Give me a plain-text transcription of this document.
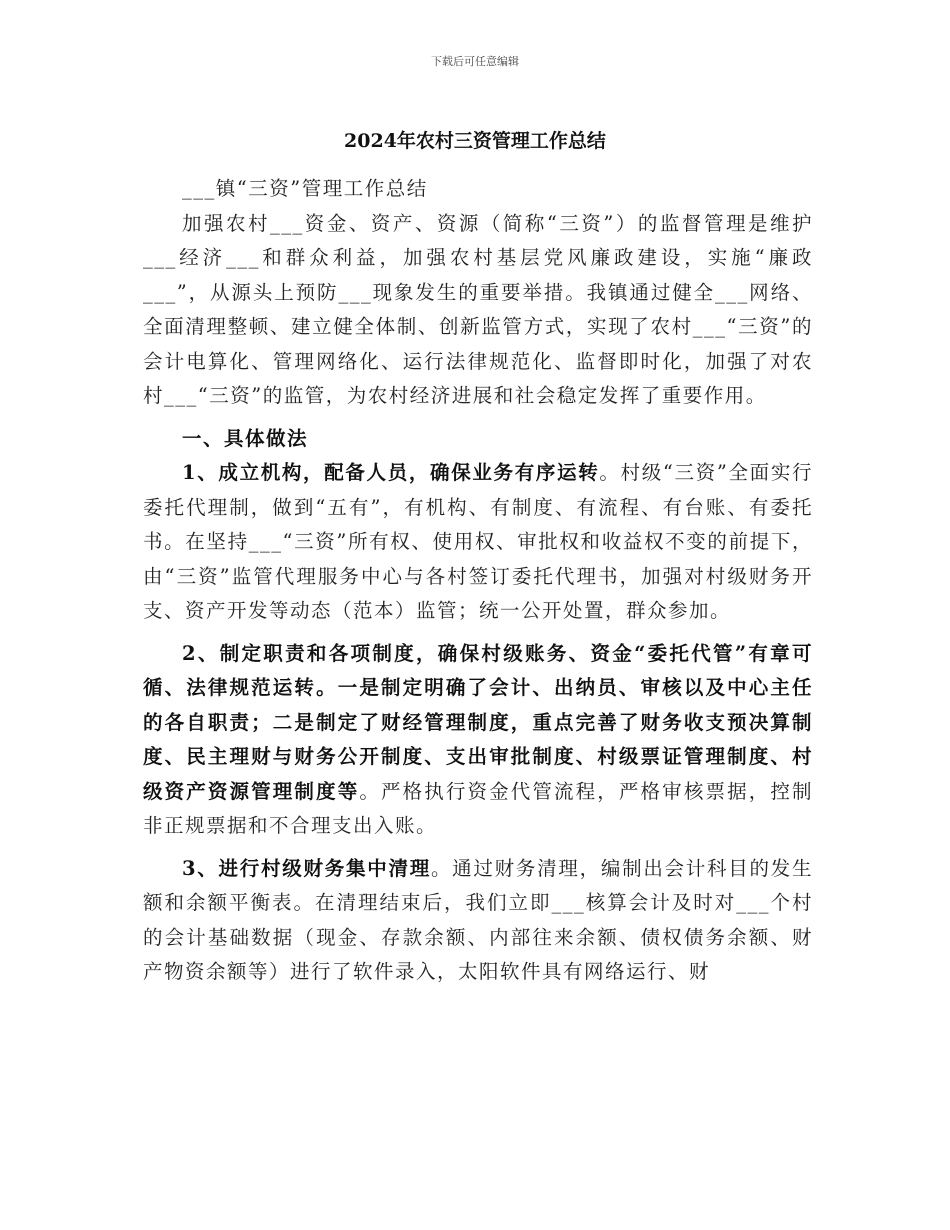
下载后可任意编辑
2024年农村三资管理工作总结

___镇“三资”管理工作总结

加强农村___资金、资产、资源（简称“三资”）的监督管理是维护___经济___和群众利益，加强农村基层党风廉政建设，实施“廉政___”，从源头上预防___现象发生的重要举措。我镇通过健全___网络、全面清理整顿、建立健全体制、创新监管方式，实现了农村___“三资”的会计电算化、管理网络化、运行法律规范化、监督即时化，加强了对农村___“三资”的监管，为农村经济进展和社会稳定发挥了重要作用。

一、具体做法

1、成立机构，配备人员，确保业务有序运转。村级“三资”全面实行委托代理制，做到“五有”，有机构、有制度、有流程、有台账、有委托书。在坚持___“三资”所有权、使用权、审批权和收益权不变的前提下，由“三资”监管代理服务中心与各村签订委托代理书，加强对村级财务开支、资产开发等动态（范本）监管；统一公开处置，群众参加。

2、制定职责和各项制度，确保村级账务、资金“委托代管”有章可循、法律规范运转。一是制定明确了会计、出纳员、审核以及中心主任的各自职责；二是制定了财经管理制度，重点完善了财务收支预决算制度、民主理财与财务公开制度、支出审批制度、村级票证管理制度、村级资产资源管理制度等。严格执行资金代管流程，严格审核票据，控制非正规票据和不合理支出入账。

3、进行村级财务集中清理。通过财务清理，编制出会计科目的发生额和余额平衡表。在清理结束后，我们立即___核算会计及时对___个村的会计基础数据（现金、存款余额、内部往来余额、债权债务余额、财产物资余额等）进行了软件录入，太阳软件具有网络运行、财
